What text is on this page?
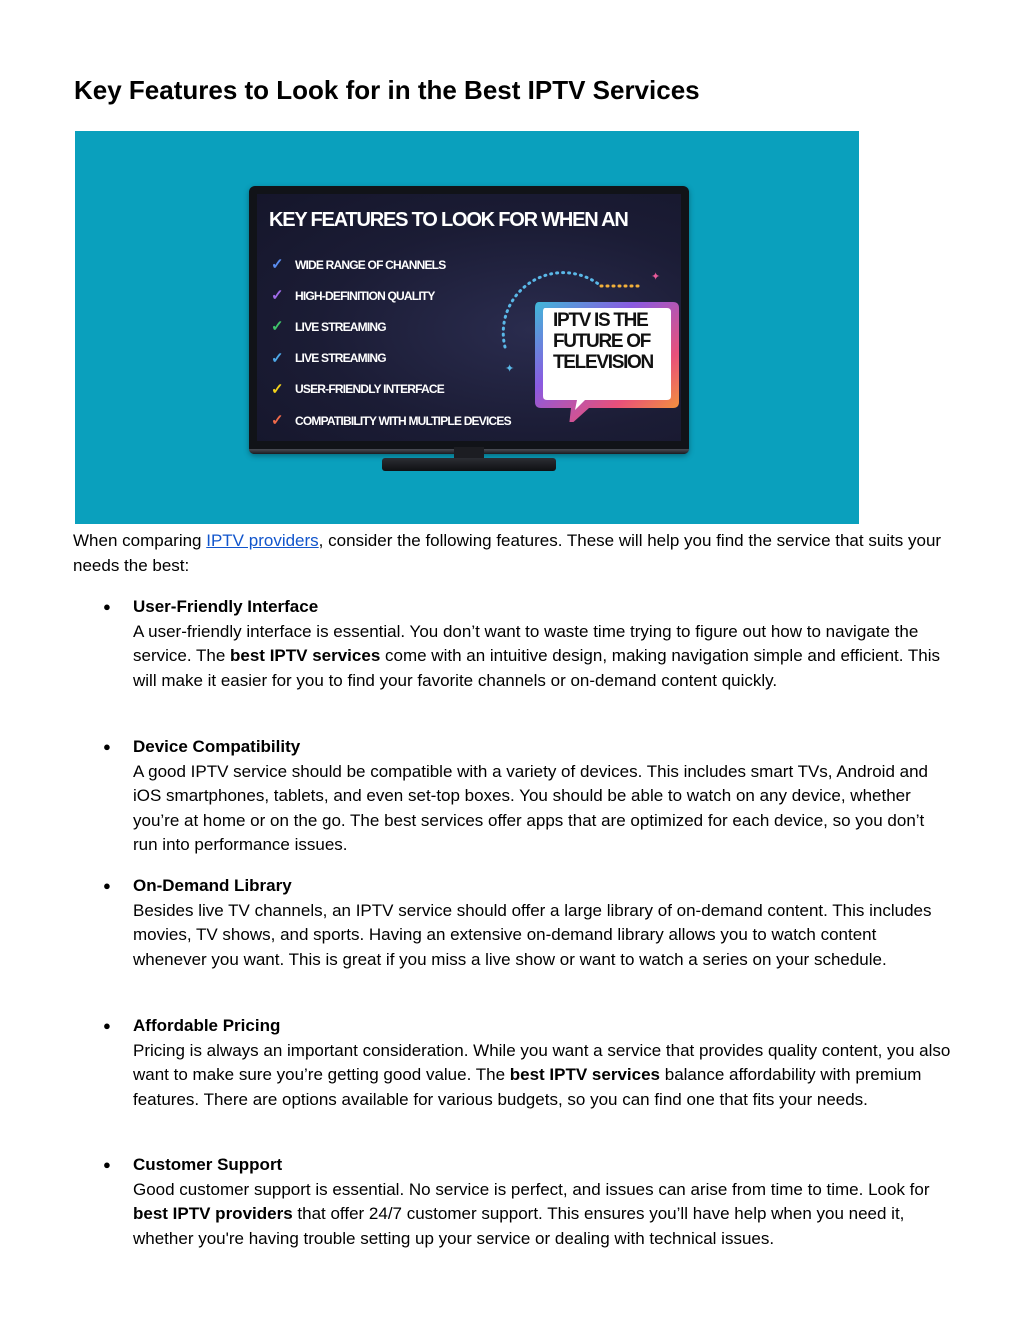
Key Features to Look for in the Best IPTV Services

KEY FEATURES TO LOOK FOR WHEN AN

✓ WIDE RANGE OF CHANNELS
✓ HIGH-DEFINITION QUALITY
✓ LIVE STREAMING
✓ LIVE STREAMING
✓ USER-FRIENDLY INTERFACE
✓ COMPATIBILITY WITH MULTIPLE DEVICES

IPTV IS THE
FUTURE OF
TELEVISION

✦
✦

When comparing IPTV providers, consider the following features. These will help you find the service that suits your needs the best:

● User-Friendly Interface
A user-friendly interface is essential. You don’t want to waste time trying to figure out how to navigate the service. The best IPTV services come with an intuitive design, making navigation simple and efficient. This will make it easier for you to find your favorite channels or on-demand content quickly.

● Device Compatibility
A good IPTV service should be compatible with a variety of devices. This includes smart TVs, Android and iOS smartphones, tablets, and even set-top boxes. You should be able to watch on any device, whether you’re at home or on the go. The best services offer apps that are optimized for each device, so you don’t run into performance issues.

● On-Demand Library
Besides live TV channels, an IPTV service should offer a large library of on-demand content. This includes movies, TV shows, and sports. Having an extensive on-demand library allows you to watch content whenever you want. This is great if you miss a live show or want to watch a series on your schedule.

● Affordable Pricing
Pricing is always an important consideration. While you want a service that provides quality content, you also want to make sure you’re getting good value. The best IPTV services balance affordability with premium features. There are options available for various budgets, so you can find one that fits your needs.

● Customer Support
Good customer support is essential. No service is perfect, and issues can arise from time to time. Look for best IPTV providers that offer 24/7 customer support. This ensures you’ll have help when you need it, whether you're having trouble setting up your service or dealing with technical issues.
